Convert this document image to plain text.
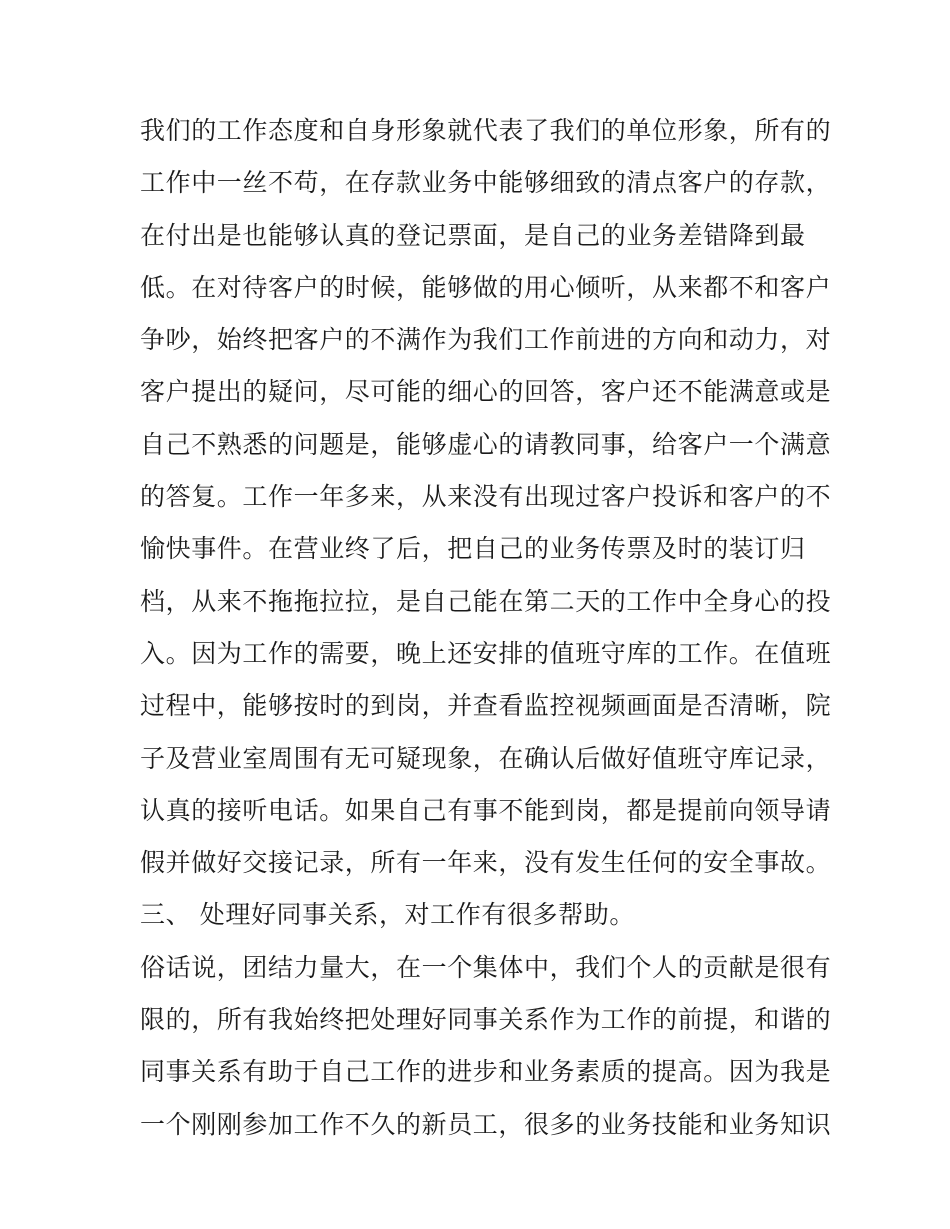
我们的工作态度和自身形象就代表了我们的单位形象，所有的
工作中一丝不苟，在存款业务中能够细致的清点客户的存款，
在付出是也能够认真的登记票面，是自己的业务差错降到最
低。在对待客户的时候，能够做的用心倾听，从来都不和客户
争吵，始终把客户的不满作为我们工作前进的方向和动力，对
客户提出的疑问，尽可能的细心的回答，客户还不能满意或是
自己不熟悉的问题是，能够虚心的请教同事，给客户一个满意
的答复。工作一年多来，从来没有出现过客户投诉和客户的不
愉快事件。在营业终了后，把自己的业务传票及时的装订归
档，从来不拖拖拉拉，是自己能在第二天的工作中全身心的投
入。因为工作的需要，晚上还安排的值班守库的工作。在值班
过程中，能够按时的到岗，并查看监控视频画面是否清晰，院
子及营业室周围有无可疑现象，在确认后做好值班守库记录，
认真的接听电话。如果自己有事不能到岗，都是提前向领导请
假并做好交接记录，所有一年来，没有发生任何的安全事故。
三、 处理好同事关系，对工作有很多帮助。
俗话说，团结力量大，在一个集体中，我们个人的贡献是很有
限的，所有我始终把处理好同事关系作为工作的前提，和谐的
同事关系有助于自己工作的进步和业务素质的提高。因为我是
一个刚刚参加工作不久的新员工，很多的业务技能和业务知识
